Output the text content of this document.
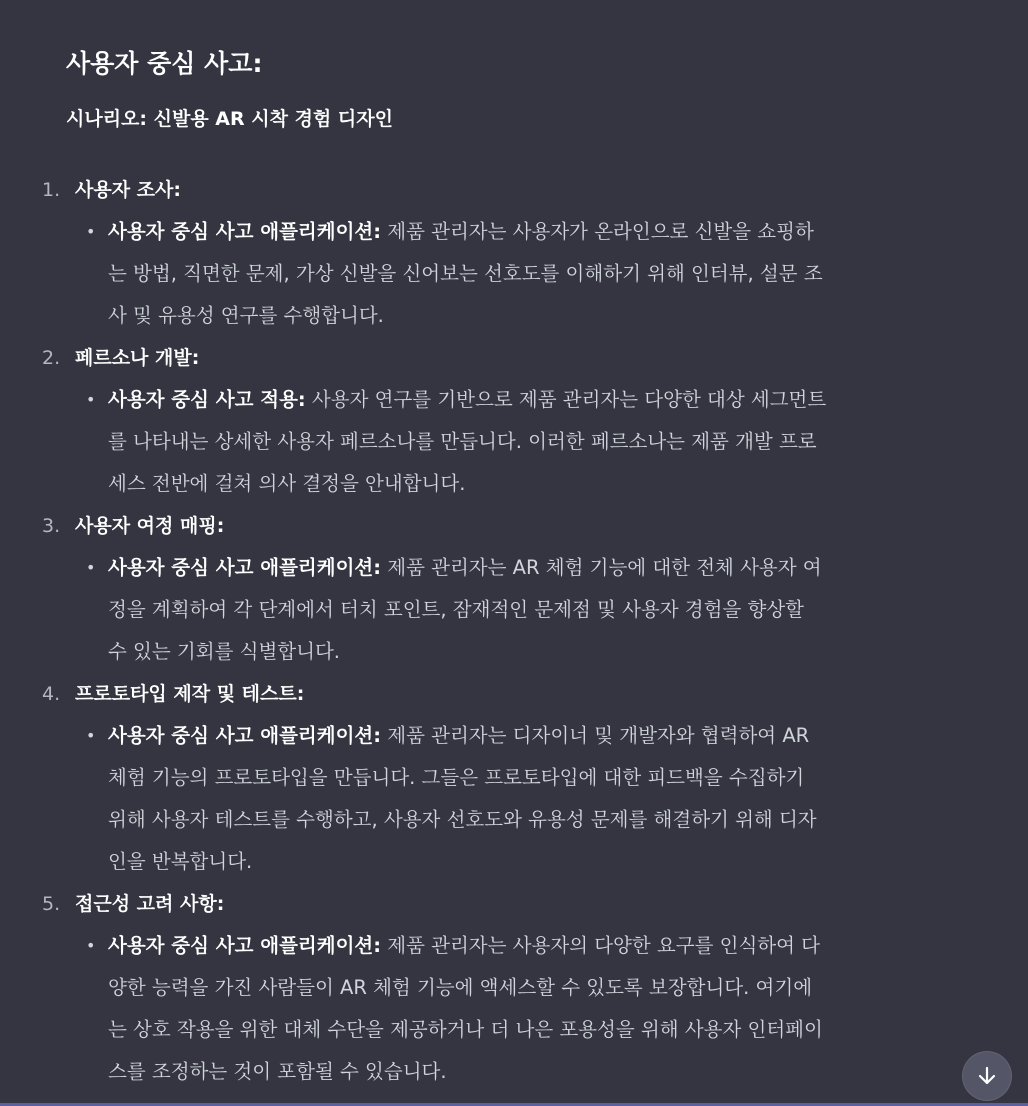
사용자 중심 사고:
시나리오: 신발용 AR 시착 경험 디자인
1. 사용자 조사:
• 사용자 중심 사고 애플리케이션: 제품 관리자는 사용자가 온라인으로 신발을 쇼핑하
는 방법, 직면한 문제, 가상 신발을 신어보는 선호도를 이해하기 위해 인터뷰, 설문 조
사 및 유용성 연구를 수행합니다.
2. 페르소나 개발:
• 사용자 중심 사고 적용: 사용자 연구를 기반으로 제품 관리자는 다양한 대상 세그먼트
를 나타내는 상세한 사용자 페르소나를 만듭니다. 이러한 페르소나는 제품 개발 프로
세스 전반에 걸쳐 의사 결정을 안내합니다.
3. 사용자 여정 매핑:
• 사용자 중심 사고 애플리케이션: 제품 관리자는 AR 체험 기능에 대한 전체 사용자 여
정을 계획하여 각 단계에서 터치 포인트, 잠재적인 문제점 및 사용자 경험을 향상할
수 있는 기회를 식별합니다.
4. 프로토타입 제작 및 테스트:
• 사용자 중심 사고 애플리케이션: 제품 관리자는 디자이너 및 개발자와 협력하여 AR
체험 기능의 프로토타입을 만듭니다. 그들은 프로토타입에 대한 피드백을 수집하기
위해 사용자 테스트를 수행하고, 사용자 선호도와 유용성 문제를 해결하기 위해 디자
인을 반복합니다.
5. 접근성 고려 사항:
• 사용자 중심 사고 애플리케이션: 제품 관리자는 사용자의 다양한 요구를 인식하여 다
양한 능력을 가진 사람들이 AR 체험 기능에 액세스할 수 있도록 보장합니다. 여기에
는 상호 작용을 위한 대체 수단을 제공하거나 더 나은 포용성을 위해 사용자 인터페이
스를 조정하는 것이 포함될 수 있습니다.
